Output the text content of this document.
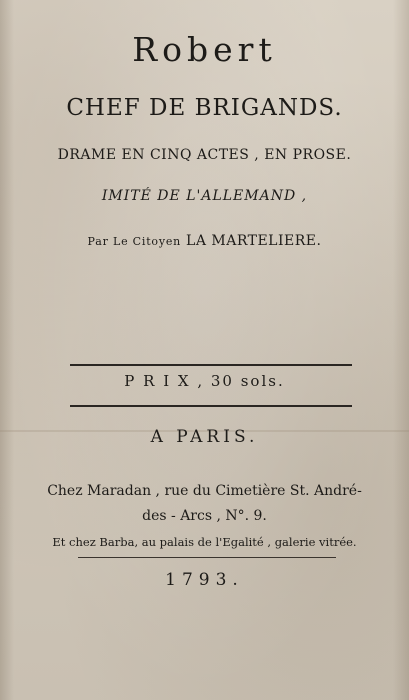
Robert
CHEF DE BRIGANDS.
DRAME EN CINQ ACTES , EN PROSE.
IMITÉ DE L'ALLEMAND ,
Par Le Citoyen LA MARTELIERE.
P R I X , 30 sols.
A PARIS.
Chez Maradan , rue du Cimetière St. André-
des - Arcs , N°. 9.
Et chez Barba, au palais de l'Egalité , galerie vitrée.
1793.
